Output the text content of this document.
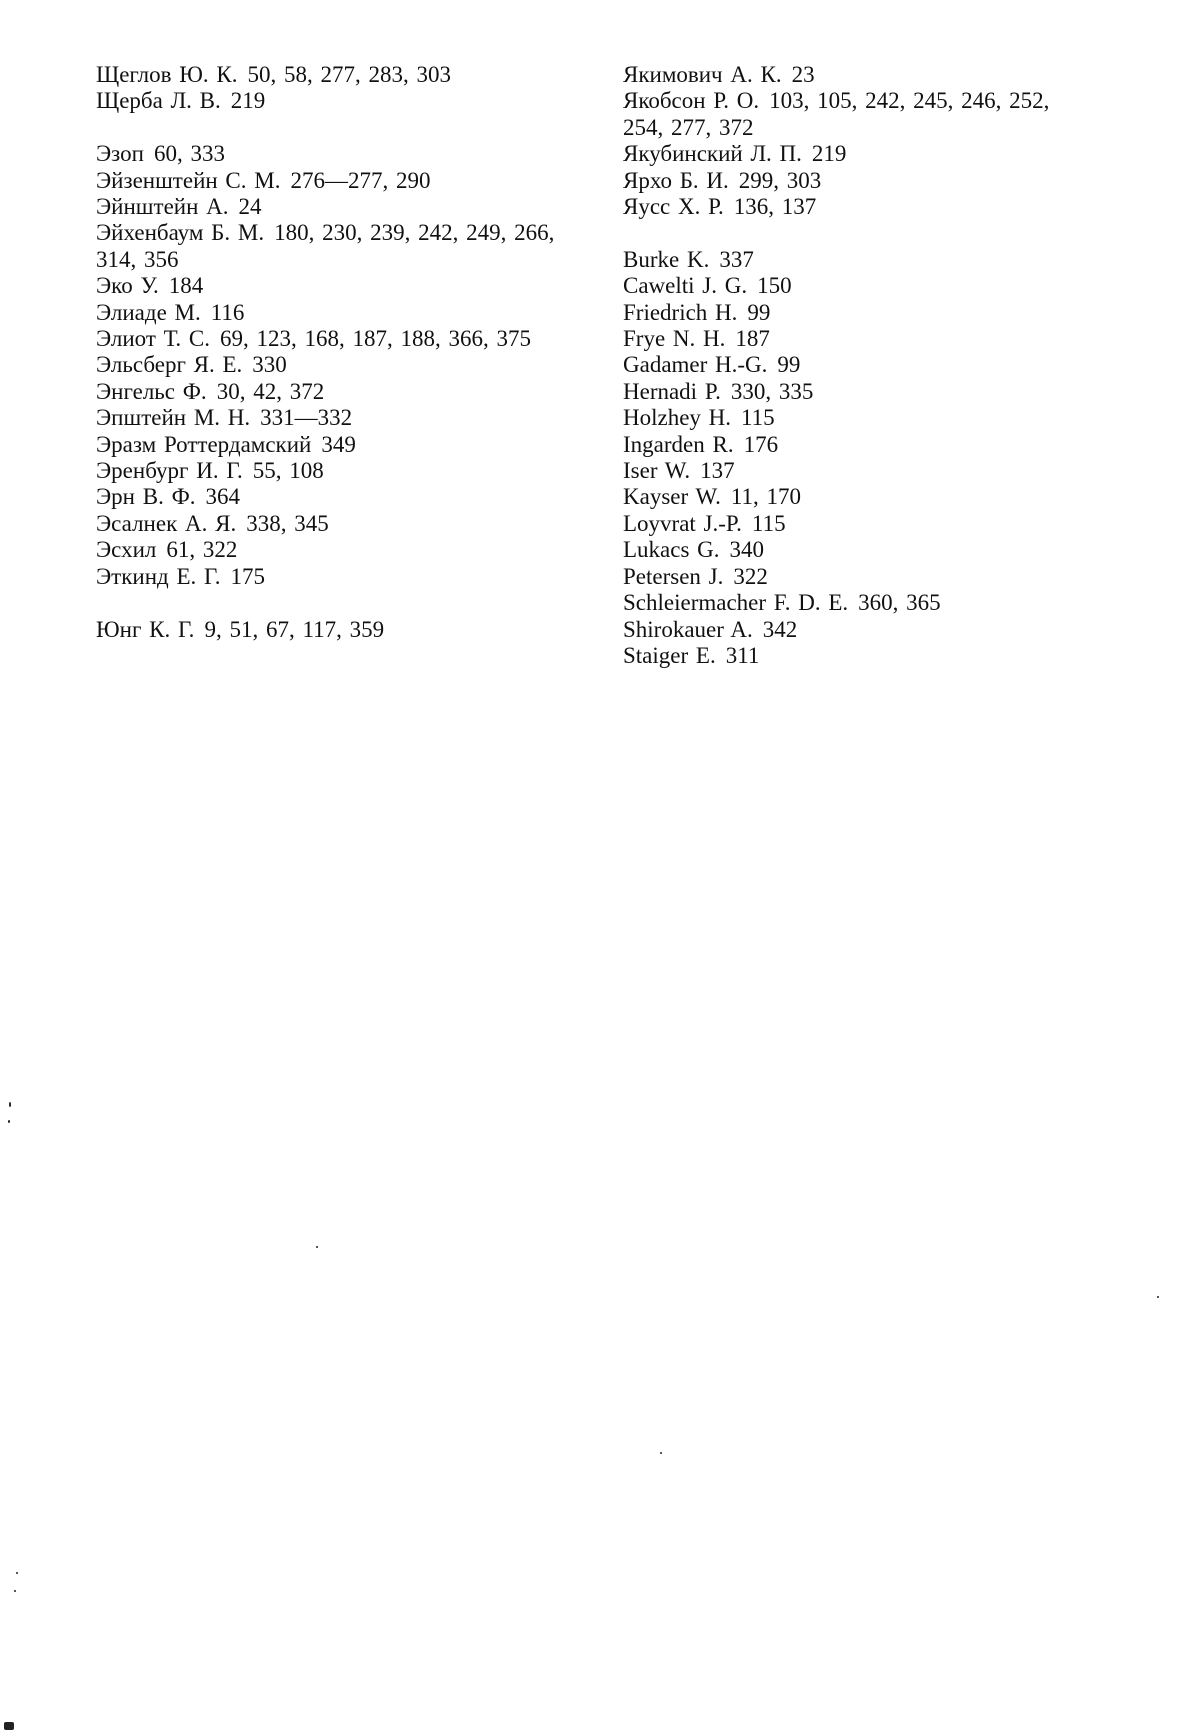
Щеглов Ю. К. 50, 58, 277, 283, 303

Щерба Л. В. 219

Эзоп 60, 333

Эйзенштейн С. М. 276—277, 290

Эйнштейн А. 24

Эйхенбаум Б. М. 180, 230, 239, 242, 249, 266, 314, 356

Эко У. 184

Элиаде М. 116

Элиот Т. С. 69, 123, 168, 187, 188, 366, 375

Эльсберг Я. Е. 330

Энгельс Ф. 30, 42, 372

Эпштейн М. Н. 331—332

Эразм Роттердамский 349

Эренбург И. Г. 55, 108

Эрн В. Ф. 364

Эсалнек А. Я. 338, 345

Эсхил 61, 322

Эткинд Е. Г. 175

Юнг К. Г. 9, 51, 67, 117, 359

Якимович А. К. 23

Якобсон Р. О. 103, 105, 242, 245, 246, 252, 254, 277, 372

Якубинский Л. П. 219

Ярхо Б. И. 299, 303

Яусс Х. Р. 136, 137

Burke K. 337

Cawelti J. G. 150

Friedrich H. 99

Frye N. H. 187

Gadamer H.-G. 99

Hernadi P. 330, 335

Holzhey H. 115

Ingarden R. 176

Iser W. 137

Kayser W. 11, 170

Loyvrat J.-P. 115

Lukacs G. 340

Petersen J. 322

Schleiermacher F. D. E. 360, 365

Shirokauer A. 342

Staiger E. 311
